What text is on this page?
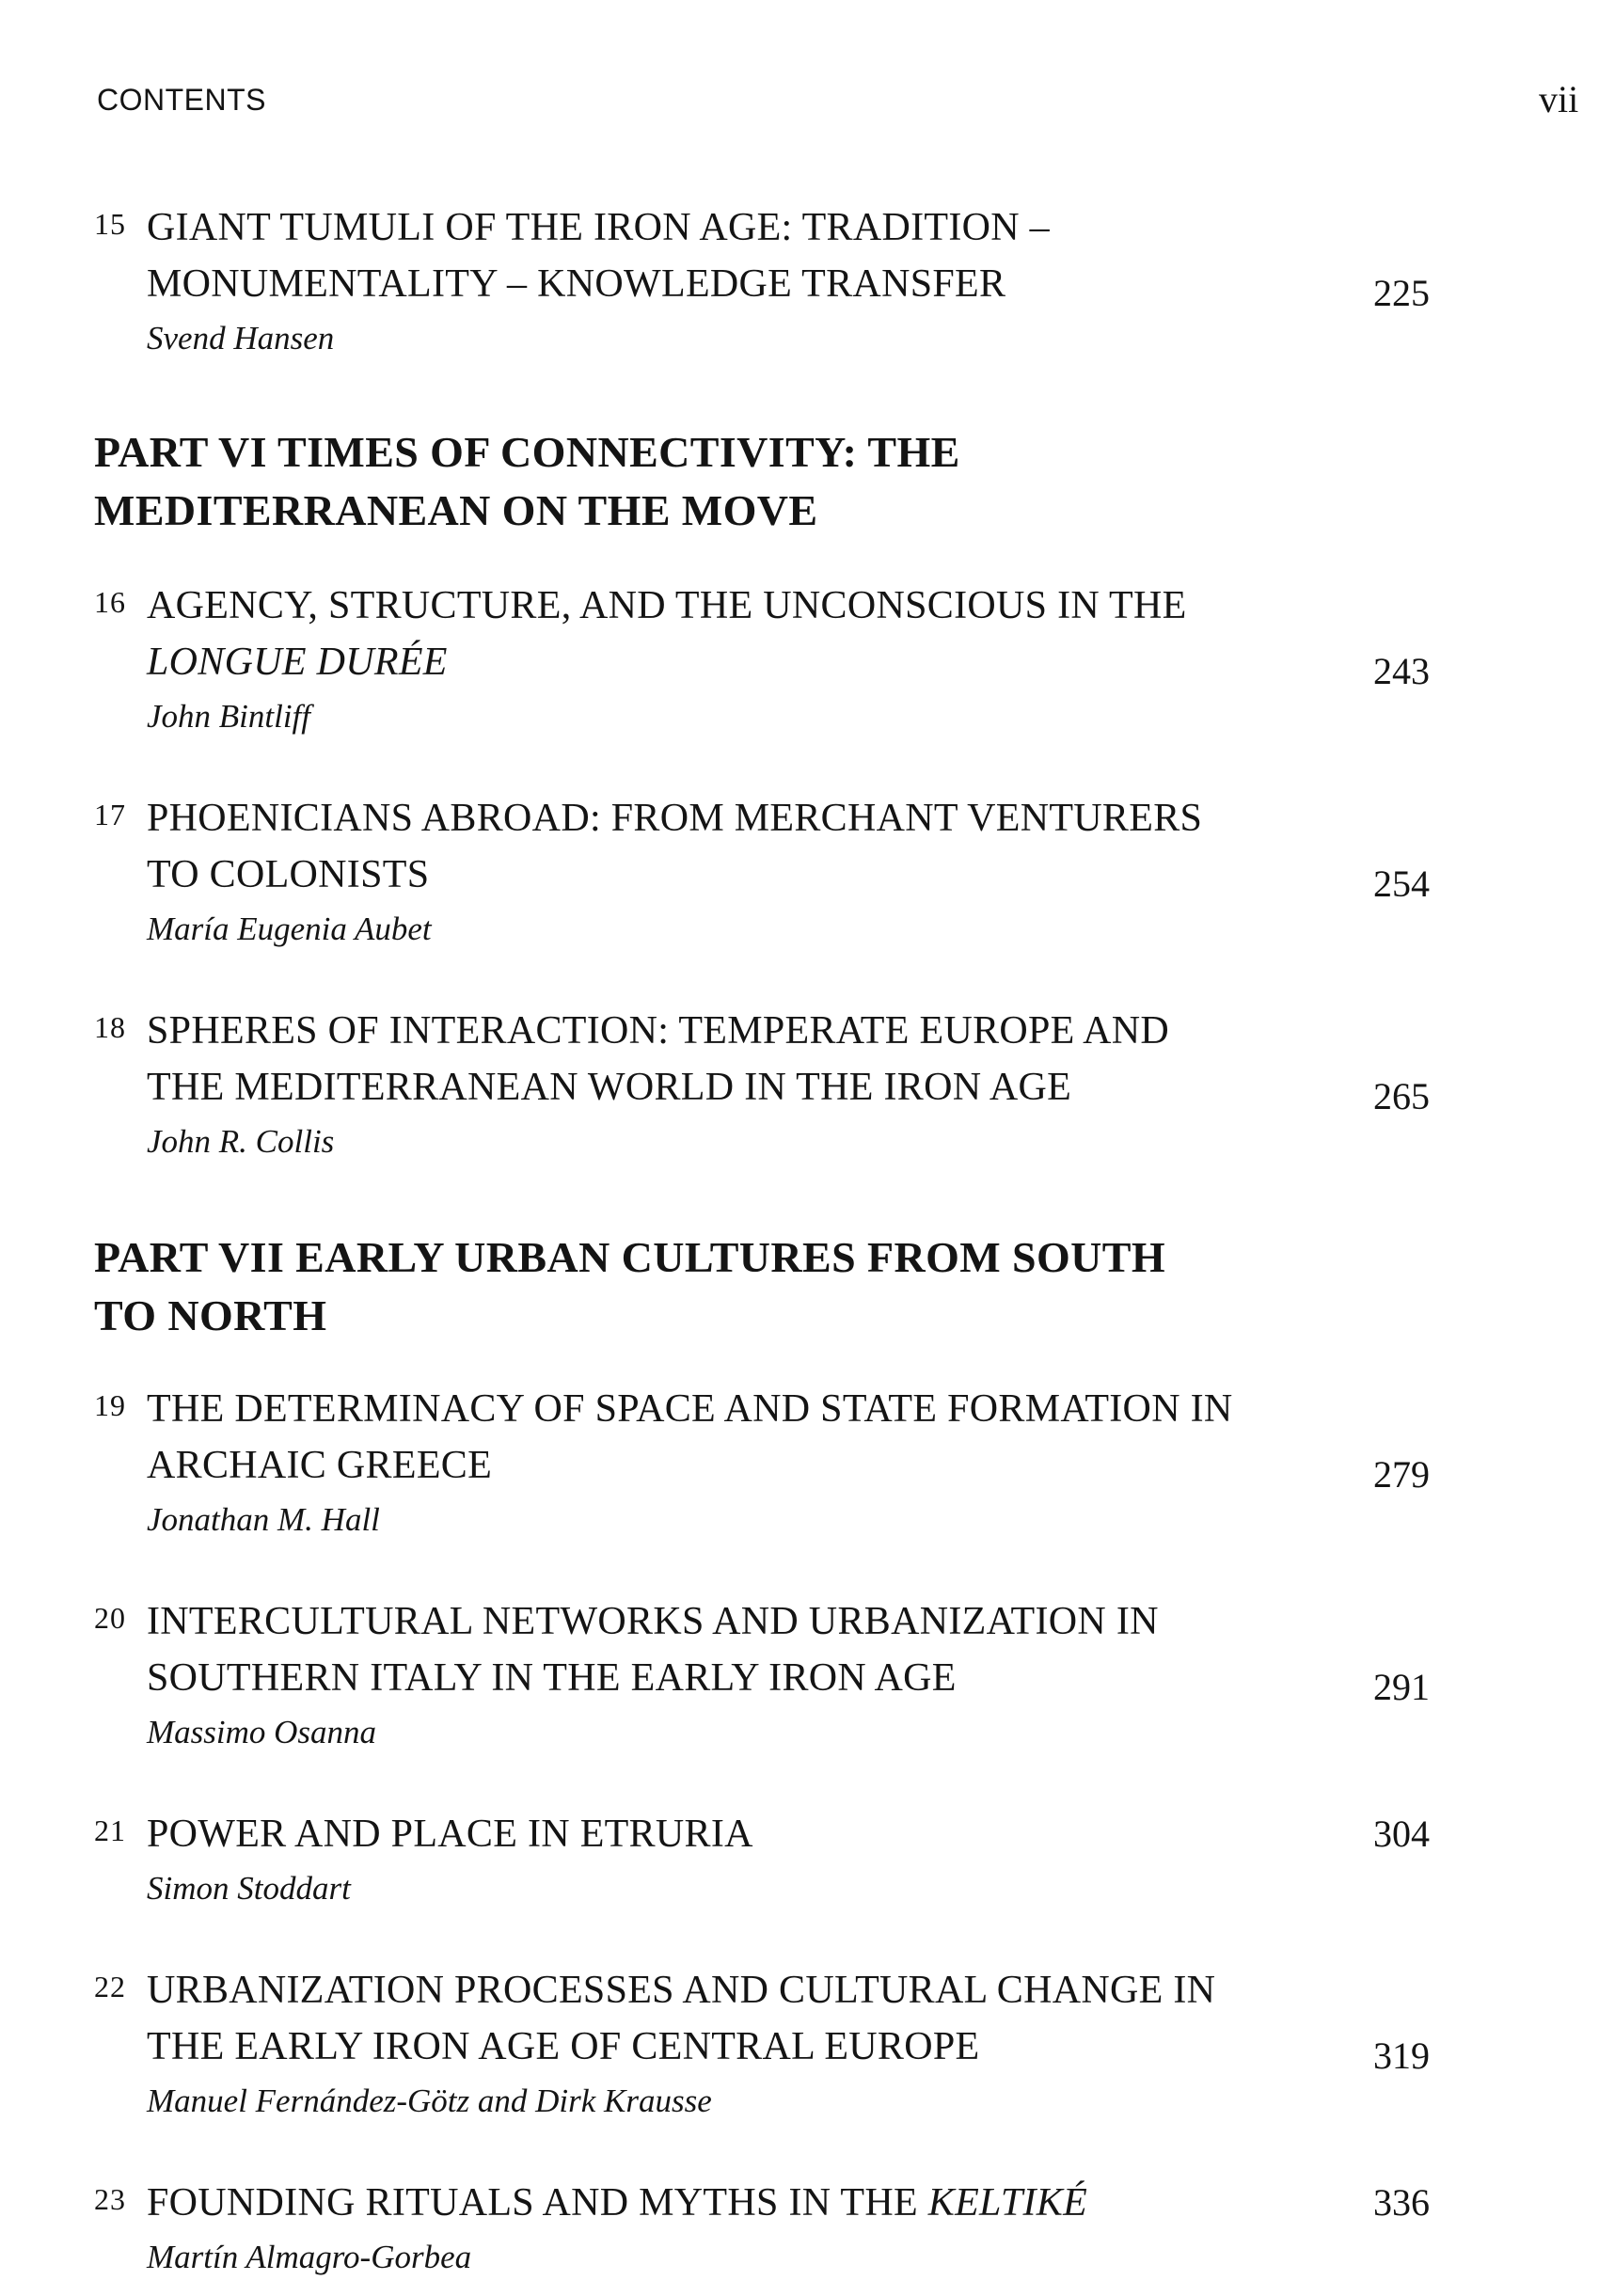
CONTENTS	vii
15 GIANT TUMULI OF THE IRON AGE: TRADITION –
MONUMENTALITY – KNOWLEDGE TRANSFER
Svend Hansen
225
PART VI TIMES OF CONNECTIVITY: THE
MEDITERRANEAN ON THE MOVE
16 AGENCY, STRUCTURE, AND THE UNCONSCIOUS IN THE
LONGUE DURÉE
John Bintliff
243
17 PHOENICIANS ABROAD: FROM MERCHANT VENTURERS
TO COLONISTS
María Eugenia Aubet
254
18 SPHERES OF INTERACTION: TEMPERATE EUROPE AND
THE MEDITERRANEAN WORLD IN THE IRON AGE
John R. Collis
265
PART VII EARLY URBAN CULTURES FROM SOUTH
TO NORTH
19 THE DETERMINACY OF SPACE AND STATE FORMATION IN
ARCHAIC GREECE
Jonathan M. Hall
279
20 INTERCULTURAL NETWORKS AND URBANIZATION IN
SOUTHERN ITALY IN THE EARLY IRON AGE
Massimo Osanna
291
21 POWER AND PLACE IN ETRURIA
Simon Stoddart
304
22 URBANIZATION PROCESSES AND CULTURAL CHANGE IN
THE EARLY IRON AGE OF CENTRAL EUROPE
Manuel Fernández-Götz and Dirk Krausse
319
23 FOUNDING RITUALS AND MYTHS IN THE KELTIKÉ
Martín Almagro-Gorbea
336
